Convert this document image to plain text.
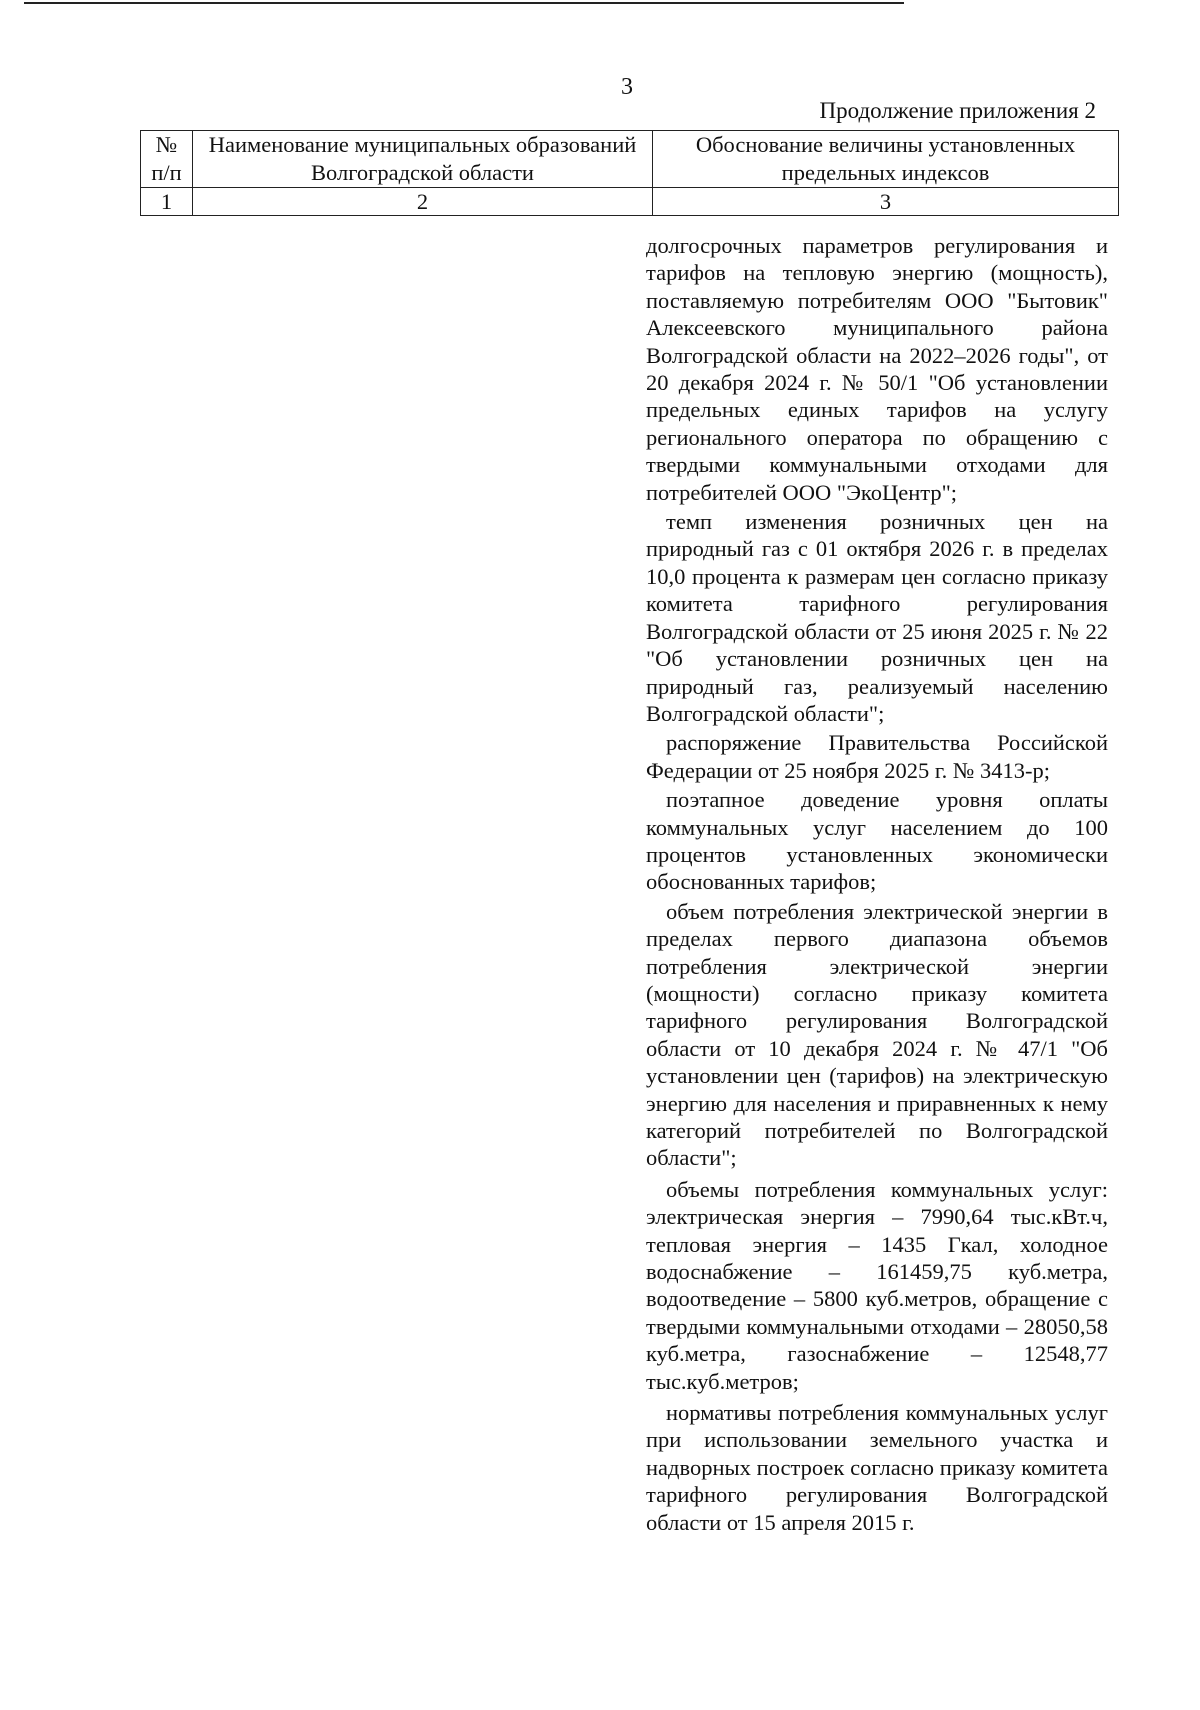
3
Продолжение приложения 2
№ п/п	Наименование муниципальных образований Волгоградской области	Обоснование величины установленных предельных индексов
1	2	3

долгосрочных параметров регулирования и тарифов на тепловую энергию (мощность), поставляемую потребителям ООО "Бытовик" Алексеевского муниципального района Волгоградской области на 2022–2026 годы", от 20 декабря 2024 г. № 50/1 "Об установлении предельных единых тарифов на услугу регионального оператора по обращению с твердыми коммунальными отходами для потребителей ООО "ЭкоЦентр";

темп изменения розничных цен на природный газ с 01 октября 2026 г. в пределах 10,0 процента к размерам цен согласно приказу комитета тарифного регулирования Волгоградской области от 25 июня 2025 г. № 22 "Об установлении розничных цен на природный газ, реализуемый населению Волгоградской области";

распоряжение Правительства Российской Федерации от 25 ноября 2025 г. № 3413-р;

поэтапное доведение уровня оплаты коммунальных услуг населением до 100 процентов установленных экономически обоснованных тарифов;

объем потребления электрической энергии в пределах первого диапазона объемов потребления электрической энергии (мощности) согласно приказу комитета тарифного регулирования Волгоградской области от 10 декабря 2024 г. № 47/1 "Об установлении цен (тарифов) на электрическую энергию для населения и приравненных к нему категорий потребителей по Волгоградской области";

объемы потребления коммунальных услуг: электрическая энергия – 7990,64 тыс.кВт.ч, тепловая энергия – 1435 Гкал, холодное водоснабжение – 161459,75 куб.метра, водоотведение – 5800 куб.метров, обращение с твердыми коммунальными отходами – 28050,58 куб.метра, газоснабжение – 12548,77 тыс.куб.метров;

нормативы потребления коммунальных услуг при использовании земельного участка и надворных построек согласно приказу комитета тарифного регулирования Волгоградской области от 15 апреля 2015 г.
